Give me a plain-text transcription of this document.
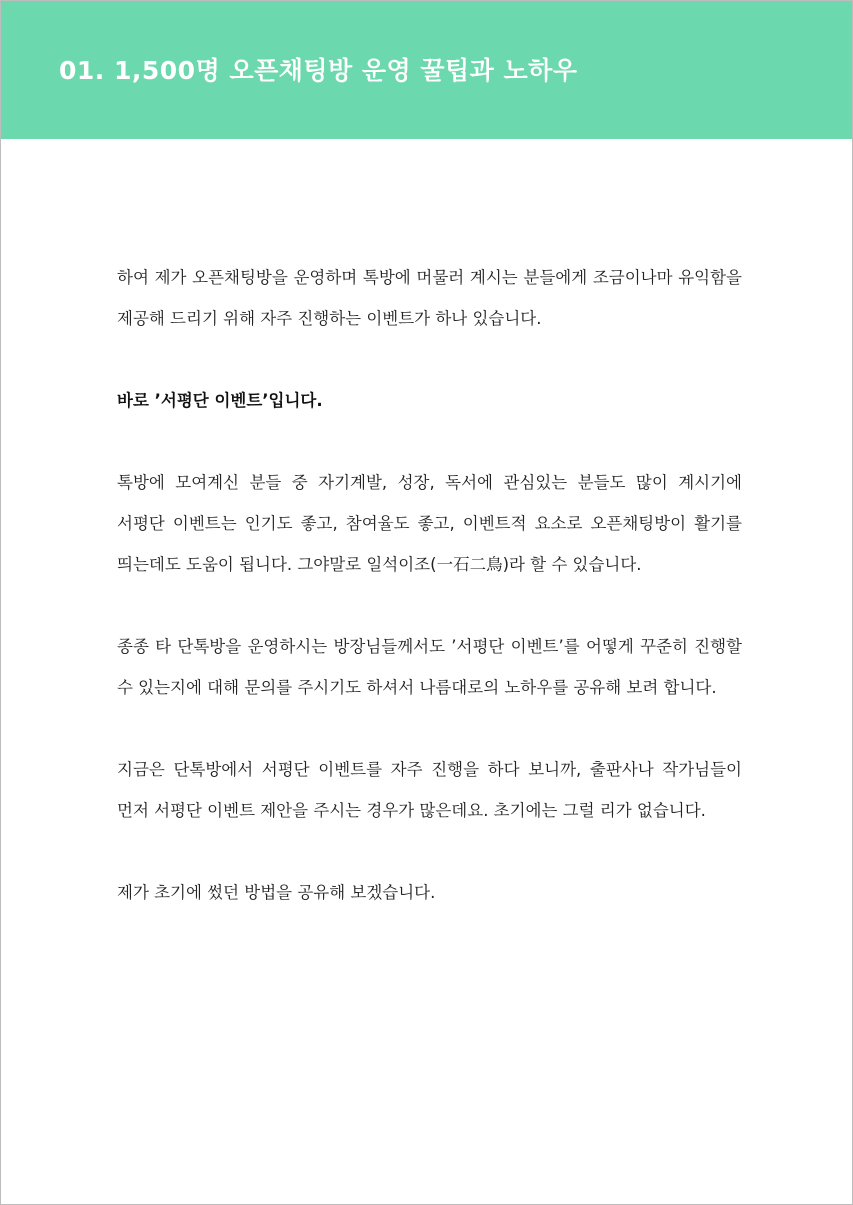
01. 1,500명 오픈채팅방 운영 꿀팁과 노하우

하여 제가 오픈채팅방을 운영하며 톡방에 머물러 계시는 분들에게 조금이나마 유익함을 제공해 드리기 위해 자주 진행하는 이벤트가 하나 있습니다.

바로 ’서평단 이벤트’입니다.

톡방에 모여계신 분들 중 자기계발, 성장, 독서에 관심있는 분들도 많이 계시기에 서평단 이벤트는 인기도 좋고, 참여율도 좋고, 이벤트적 요소로 오픈채팅방이 활기를 띄는데도 도움이 됩니다. 그야말로 일석이조(一石二鳥)라 할 수 있습니다.

종종 타 단톡방을 운영하시는 방장님들께서도 ’서평단 이벤트’를 어떻게 꾸준히 진행할 수 있는지에 대해 문의를 주시기도 하셔서 나름대로의 노하우를 공유해 보려 합니다.

지금은 단톡방에서 서평단 이벤트를 자주 진행을 하다 보니까, 출판사나 작가님들이 먼저 서평단 이벤트 제안을 주시는 경우가 많은데요. 초기에는 그럴 리가 없습니다.

제가 초기에 썼던 방법을 공유해 보겠습니다.
